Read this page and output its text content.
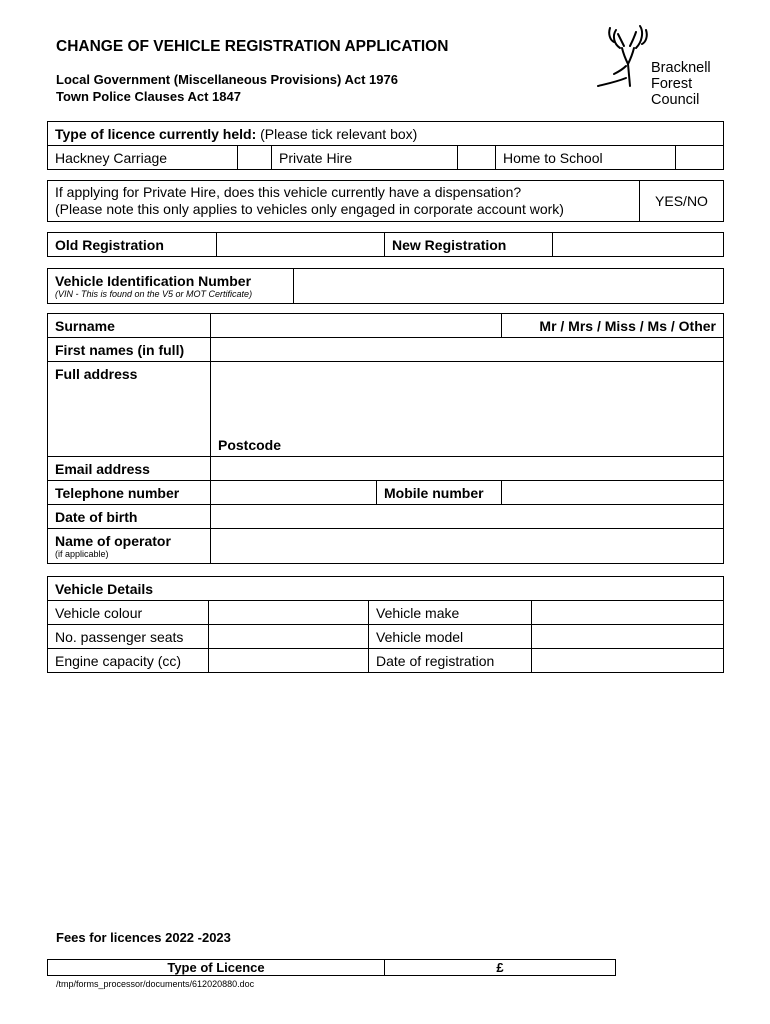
CHANGE OF VEHICLE REGISTRATION APPLICATION
Local Government (Miscellaneous Provisions) Act 1976
Town Police Clauses Act 1847
Bracknell
Forest
Council
Type of licence currently held: (Please tick relevant box)
Hackney Carriage		Private Hire		Home to School	
If applying for Private Hire, does this vehicle currently have a dispensation?
(Please note this only applies to vehicles only engaged in corporate account work)
	YES/NO
Old Registration		New Registration	
Vehicle Identification Number
(VIN - This is found on the V5 or MOT Certificate)

Surname			Mr / Mrs / Miss / Ms / Other
First names (in full)			
Full address	Postcode		
Email address			
Telephone number		Mobile number	
Date of birth			
Name of operator
(if applicable)			

Vehicle Details			
Vehicle colour		Vehicle make	
No. passenger seats		Vehicle model	
Engine capacity (cc)		Date of registration	
Fees for licences 2022 -2023
Type of Licence	£
/tmp/forms_processor/documents/612020880.doc
